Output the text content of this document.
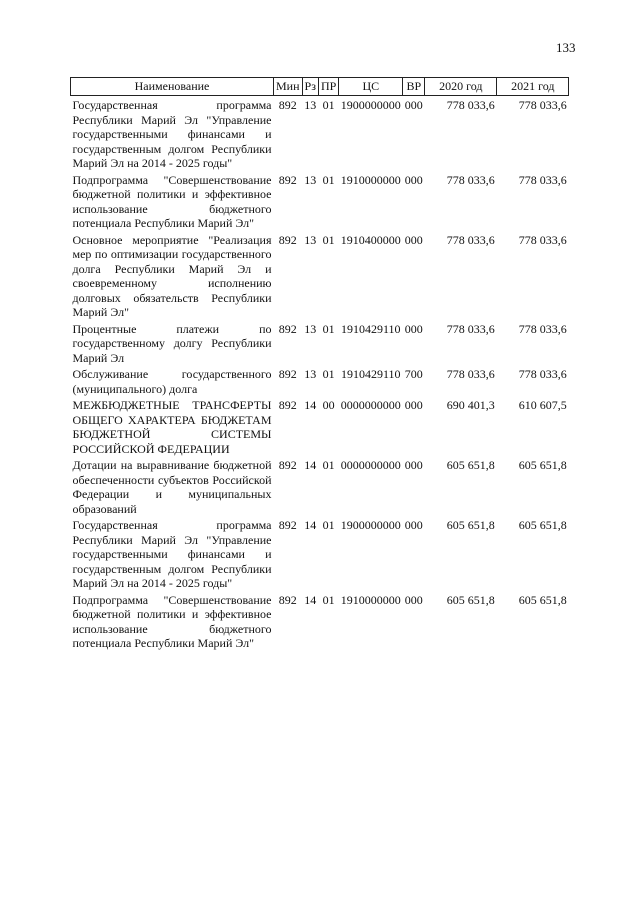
133
Наименование	Мин	Рз	ПР	ЦС	ВР	2020 год	2021 год
Государственная программа Республики Марий Эл "Управление государственными финансами и государственным долгом Республики Марий Эл на 2014 - 2025 годы"	892	13	01	1900000000	000	778 033,6	778 033,6
Подпрограмма "Совершенствование бюджетной политики и эффективное использование бюджетного потенциала Республики Марий Эл"	892	13	01	1910000000	000	778 033,6	778 033,6
Основное мероприятие "Реализация мер по оптимизации государственного долга Республики Марий Эл и своевременному исполнению долговых обязательств Республики Марий Эл"	892	13	01	1910400000	000	778 033,6	778 033,6
Процентные платежи по государственному долгу Республики Марий Эл	892	13	01	1910429110	000	778 033,6	778 033,6
Обслуживание государственного (муниципального) долга	892	13	01	1910429110	700	778 033,6	778 033,6
МЕЖБЮДЖЕТНЫЕ ТРАНСФЕРТЫ ОБЩЕГО ХАРАКТЕРА БЮДЖЕТАМ БЮДЖЕТНОЙ СИСТЕМЫ РОССИЙСКОЙ ФЕДЕРАЦИИ	892	14	00	0000000000	000	690 401,3	610 607,5
Дотации на выравнивание бюджетной обеспеченности субъектов Российской Федерации и муниципальных образований	892	14	01	0000000000	000	605 651,8	605 651,8
Государственная программа Республики Марий Эл "Управление государственными финансами и государственным долгом Республики Марий Эл на 2014 - 2025 годы"	892	14	01	1900000000	000	605 651,8	605 651,8
Подпрограмма "Совершенствование бюджетной политики и эффективное использование бюджетного потенциала Республики Марий Эл"	892	14	01	1910000000	000	605 651,8	605 651,8
